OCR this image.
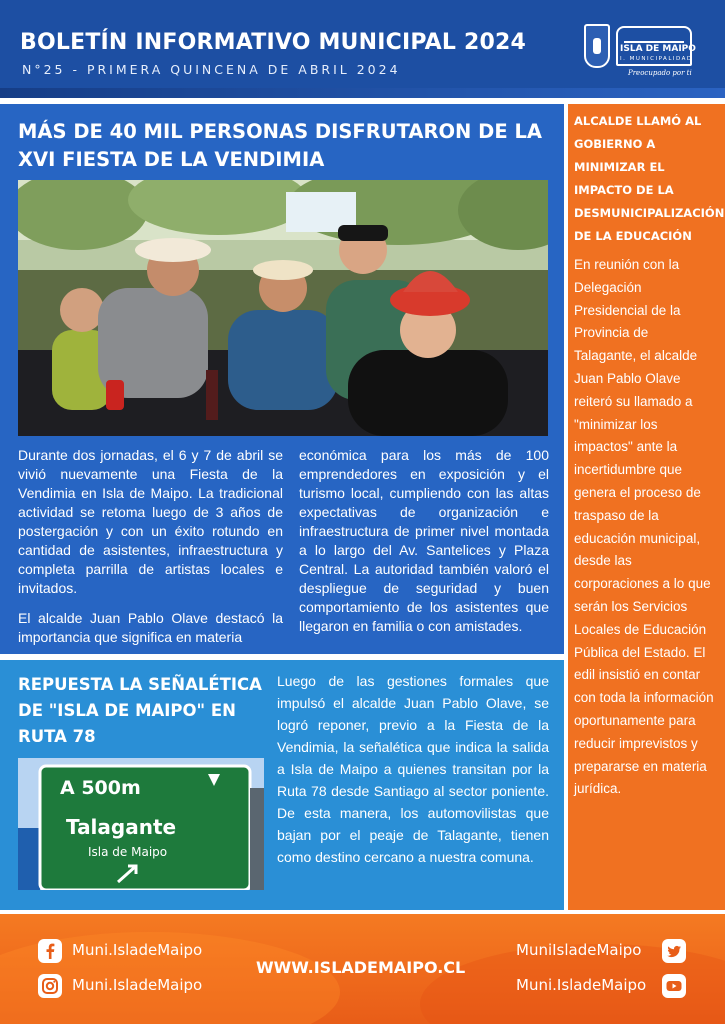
BOLETÍN INFORMATIVO MUNICIPAL 2024
N°25 - PRIMERA QUINCENA DE ABRIL 2024
ISLA DE MAIPO
I. MUNICIPALIDAD
Preocupado por ti
MÁS DE 40 MIL PERSONAS DISFRUTARON DE LA XVI FIESTA DE LA VENDIMIA

Durante dos jornadas, el 6 y 7 de abril se vivió nuevamente una Fiesta de la Vendimia en Isla de Maipo. La tradicional actividad se retoma luego de 3 años de postergación y con un éxito rotundo en cantidad de asistentes, infraestructura y completa parrilla de artistas locales e invitados.

El alcalde Juan Pablo Olave destacó la importancia que significa en materia

económica para los más de 100 emprendedores en exposición y el turismo local, cumpliendo con las altas expectativas de organización e infraestructura de primer nivel montada a lo largo del Av. Santelices y Plaza Central. La autoridad también valoró el despliegue de seguridad y buen comportamiento de los asistentes que llegaron en familia o con amistades.

REPUESTA LA SEÑALÉTICA DE "ISLA DE MAIPO" EN RUTA 78
A 500m
Talagante
Isla de Maipo
Luego de las gestiones formales que impulsó el alcalde Juan Pablo Olave, se logró reponer, previo a la Fiesta de la Vendimia, la señalética que indica la salida a Isla de Maipo a quienes transitan por la Ruta 78 desde Santiago al sector poniente. De esta manera, los automovilistas que bajan por el peaje de Talagante, tienen como destino cercano a nuestra comuna.
ALCALDE LLAMÓ AL GOBIERNO A MINIMIZAR EL IMPACTO DE LA DESMUNICIPALIZACIÓN DE LA EDUCACIÓN
En reunión con la Delegación Presidencial de la Provincia de Talagante, el alcalde Juan Pablo Olave reiteró su llamado a "minimizar los impactos" ante la incertidumbre que genera el proceso de traspaso de la educación municipal, desde las corporaciones a lo que serán los Servicios Locales de Educación Pública del Estado. El edil insistió en contar con toda la información oportunamente para reducir imprevistos y prepararse en materia jurídica.
Muni.IsladeMaipo
Muni.IsladeMaipo
WWW.ISLADEMAIPO.CL
MuniIsladeMaipo
Muni.IsladeMaipo
